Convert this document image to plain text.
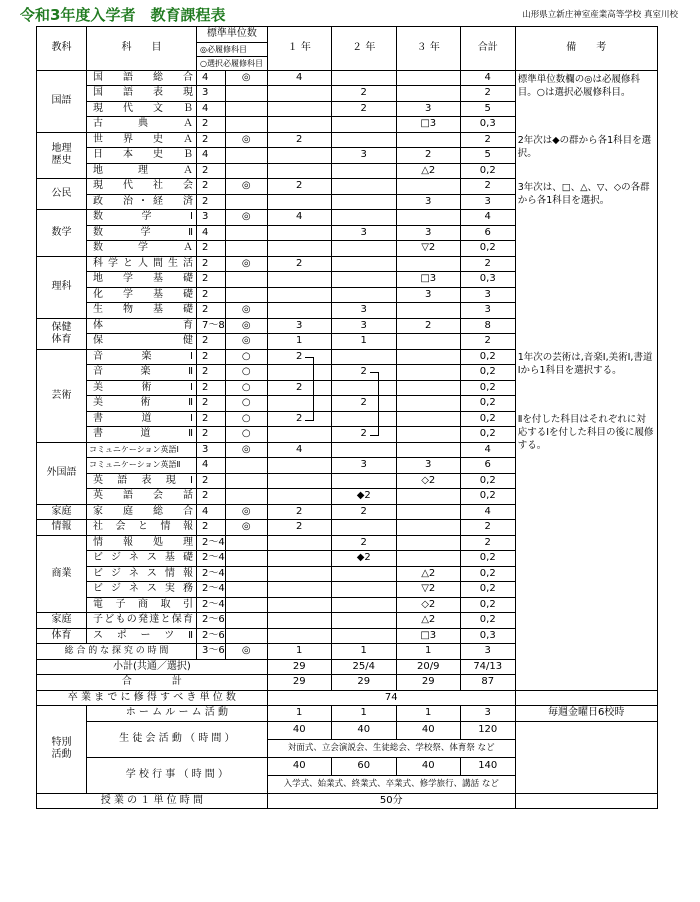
令和3年度入学者　教育課程表	山形県立新庄神室産業高等学校 真室川校
教科	科　　目	標準単位数		１ 年	２ 年	３ 年	合計	備　　考
		◎必履修科目						
		○選択必履修科目						
国語	国　語　総　合	4	◎	4			4	標準単位数欄の◎は必履修科目。○は選択必履修科目。
	国　語　表　現	3			2		2	
	現　代　文　Ｂ	4			2	3	5	
	古　　典　　Ａ	2				□3	0,3	
地理
歴史	世　界　史　Ａ	2	◎	2			2	2年次は◆の群から各1科目を選択。
	日　本　史　Ｂ	4			3	2	5	
	地　　理　　Ａ	2				△2	0,2	
公民	現　代　社　会	2	◎	2			2	3年次は、□、△、▽、◇の各群から各1科目を選択。
	政　治・経　済	2				3	3	
数学	数　　学　　Ⅰ	3	◎	4			4	
	数　　学　　Ⅱ	4			3	3	6	
	数　　学　　Ａ	2				▽2	0,2	
理科	科学と人間生活	2	◎	2			2	
	地　学　基　礎	2				□3	0,3	
	化　学　基　礎	2				3	3	
	生　物　基　礎	2	◎		3		3	
保健
体育	体　　　　　育	7～8	◎	3	3	2	8	
	保　　　　　健	2	◎	1	1		2	
芸術	音　　楽　　Ⅰ	2	○	2			0,2	1年次の芸術は,音楽Ⅰ,美術Ⅰ,書道Ⅰから1科目を選択する。
	音　　楽　　Ⅱ	2	○		2		0,2	
	美　　術　　Ⅰ	2	○	2			0,2	
	美　　術　　Ⅱ	2	○		2		0,2	
	書　　道　　Ⅰ	2	○	2			0,2	Ⅱを付した科目はそれぞれに対応するⅠを付した科目の後に履修する。
	書　　道　　Ⅱ	2	○		2		0,2	
外国語	コミュニケーション英語Ⅰ	3	◎	4			4	
	コミュニケーション英語Ⅱ	4			3	3	6	
	英　語　表　現　Ⅰ	2				◇2	0,2	
	英　語　会　話	2			◆2		0,2	
家庭	家　庭　総　合	4	◎	2	2		4	
情報	社　会　と　情　報	2	◎	2			2	
商業	情　報　処　理	2～4			2		2	
	ビジネス基礎	2～4			◆2		0,2	
	ビジネス情報	2～4				△2	0,2	
	ビジネス実務	2～4				▽2	0,2	
	電　子　商　取　引	2～4				◇2	0,2	
家庭	子どもの発達と保育	2～6				△2	0,2	
体育	ス　ポ　ー　ツ　Ⅱ	2～6				□3	0,3	
総 合 的 な 探 究 の 時 間		3～6	◎	1	1	1	3	
小計(共通／選択)				29	25/4	20/9	74/13	
合　　　　計				29	29	29	87	
卒 業 ま で に 修 得 す べ き 単 位 数				74				
特別
活動	ホ ー ム ル ー ム 活 動			1	1	1	3	毎週金曜日6校時
	生 徒 会 活 動 （ 時 間 ）			40	40	40	120	
				対面式、立会演説会、生徒総会、学校祭、体育祭 など				
	学 校 行 事 （ 時 間 ）			40	60	40	140	
				入学式、始業式、終業式、卒業式、修学旅行、講話 など				
授 業 の １ 単 位 時 間				50分				
